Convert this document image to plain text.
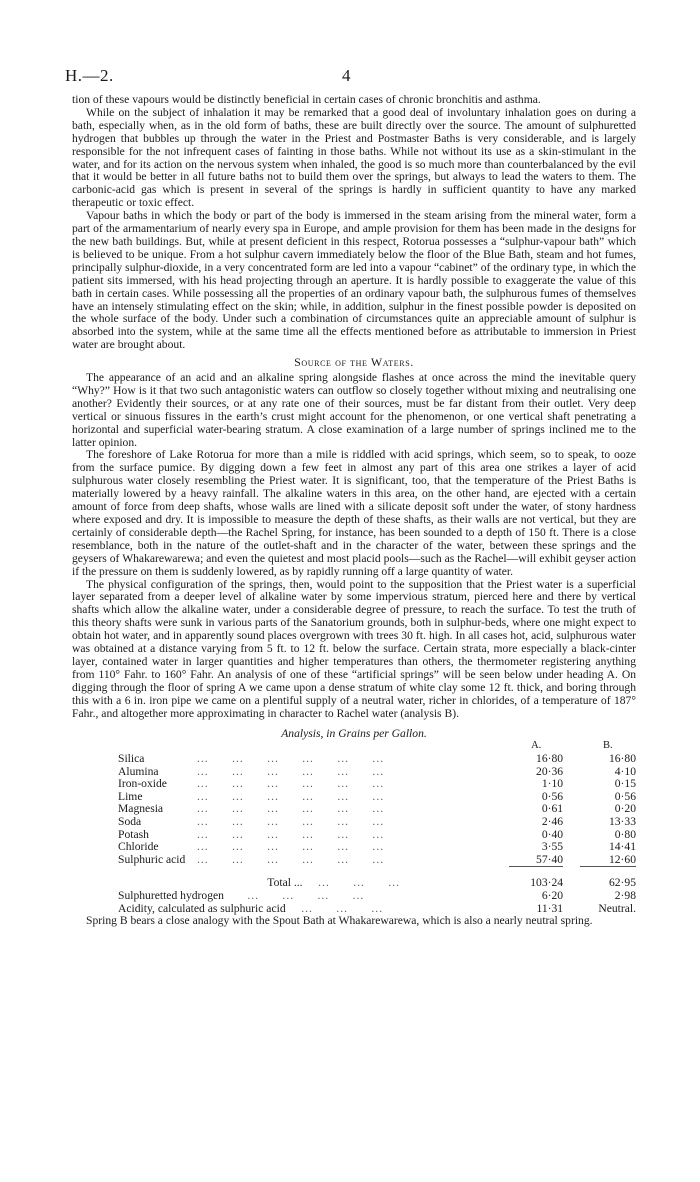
H.—2.	4

tion of these vapours would be distinctly beneficial in certain cases of chronic bronchitis and asthma.

While on the subject of inhalation it may be remarked that a good deal of involuntary inhalation goes on during a bath, especially when, as in the old form of baths, these are built directly over the source. The amount of sulphuretted hydrogen that bubbles up through the water in the Priest and Postmaster Baths is very considerable, and is largely responsible for the not infrequent cases of fainting in those baths. While not without its use as a skin-stimulant in the water, and for its action on the nervous system when inhaled, the good is so much more than counterbalanced by the evil that it would be better in all future baths not to build them over the springs, but always to lead the waters to them. The carbonic-acid gas which is present in several of the springs is hardly in sufficient quantity to have any marked therapeutic or toxic effect.

Vapour baths in which the body or part of the body is immersed in the steam arising from the mineral water, form a part of the armamentarium of nearly every spa in Europe, and ample provision for them has been made in the designs for the new bath buildings. But, while at present deficient in this respect, Rotorua possesses a “sulphur-vapour bath” which is believed to be unique. From a hot sulphur cavern immediately below the floor of the Blue Bath, steam and hot fumes, principally sulphur-dioxide, in a very concentrated form are led into a vapour “cabinet” of the ordinary type, in which the patient sits immersed, with his head projecting through an aperture. It is hardly possible to exaggerate the value of this bath in certain cases. While possessing all the properties of an ordinary vapour bath, the sulphurous fumes of themselves have an intensely stimulating effect on the skin; while, in addition, sulphur in the finest possible powder is deposited on the whole surface of the body. Under such a combination of circumstances quite an appreciable amount of sulphur is absorbed into the system, while at the same time all the effects mentioned before as attributable to immersion in Priest water are brought about.

Source of the Waters.

The appearance of an acid and an alkaline spring alongside flashes at once across the mind the inevitable query “Why?” How is it that two such antagonistic waters can outflow so closely together without mixing and neutralising one another? Evidently their sources, or at any rate one of their sources, must be far distant from their outlet. Very deep vertical or sinuous fissures in the earth’s crust might account for the phenomenon, or one vertical shaft penetrating a horizontal and superficial water-bearing stratum. A close examination of a large number of springs inclined me to the latter opinion.

The foreshore of Lake Rotorua for more than a mile is riddled with acid springs, which seem, so to speak, to ooze from the surface pumice. By digging down a few feet in almost any part of this area one strikes a layer of acid sulphurous water closely resembling the Priest water. It is significant, too, that the temperature of the Priest Baths is materially lowered by a heavy rainfall. The alkaline waters in this area, on the other hand, are ejected with a certain amount of force from deep shafts, whose walls are lined with a silicate deposit soft under the water, of stony hardness where exposed and dry. It is impossible to measure the depth of these shafts, as their walls are not vertical, but they are certainly of considerable depth—the Rachel Spring, for instance, has been sounded to a depth of 150 ft. There is a close resemblance, both in the nature of the outlet-shaft and in the character of the water, between these springs and the geysers of Whakarewarewa; and even the quietest and most placid pools—such as the Rachel—will exhibit geyser action if the pressure on them is suddenly lowered, as by rapidly running off a large quantity of water.

The physical configuration of the springs, then, would point to the supposition that the Priest water is a superficial layer separated from a deeper level of alkaline water by some impervious stratum, pierced here and there by vertical shafts which allow the alkaline water, under a considerable degree of pressure, to reach the surface. To test the truth of this theory shafts were sunk in various parts of the Sanatorium grounds, both in sulphur-beds, where one might expect to obtain hot water, and in apparently sound places overgrown with trees 30 ft. high. In all cases hot, acid, sulphurous water was obtained at a distance varying from 5 ft. to 12 ft. below the surface. Certain strata, more especially a black-cinter layer, contained water in larger quantities and higher temperatures than others, the thermometer registering anything from 110° Fahr. to 160° Fahr. An analysis of one of these “artificial springs” will be seen below under heading A. On digging through the floor of spring A we came upon a dense stratum of white clay some 12 ft. thick, and boring through this with a 6 in. iron pipe we came on a plentiful supply of a neutral water, richer in chlorides, of a temperature of 187° Fahr., and altogether more approximating in character to Rachel water (analysis B).

Analysis, in Grains per Gallon.
		A.		B.
Silica	...      ...      ...      ...      ...      ...	16·80		16·80
Alumina	...      ...      ...      ...      ...      ...	20·36		4·10
Iron-oxide	...      ...      ...      ...      ...      ...	1·10		0·15
Lime	...      ...      ...      ...      ...      ...	0·56		0·56
Magnesia	...      ...      ...      ...      ...      ...	0·61		0·20
Soda	...      ...      ...      ...      ...      ...	2·46		13·33
Potash	...      ...      ...      ...      ...      ...	0·40		0·80
Chloride	...      ...      ...      ...      ...      ...	3·55		14·41
Sulphuric acid	...      ...      ...      ...      ...      ...	57·40		12·60
	Total ...    ...      ...      ...	103·24		62·95
Sulphuretted hydrogen      ...      ...      ...      ...		6·20		2·98
Acidity, calculated as sulphuric acid    ...      ...      ...		11·31		Neutral.

Spring B bears a close analogy with the Spout Bath at Whakarewarewa, which is also a nearly neutral spring.
